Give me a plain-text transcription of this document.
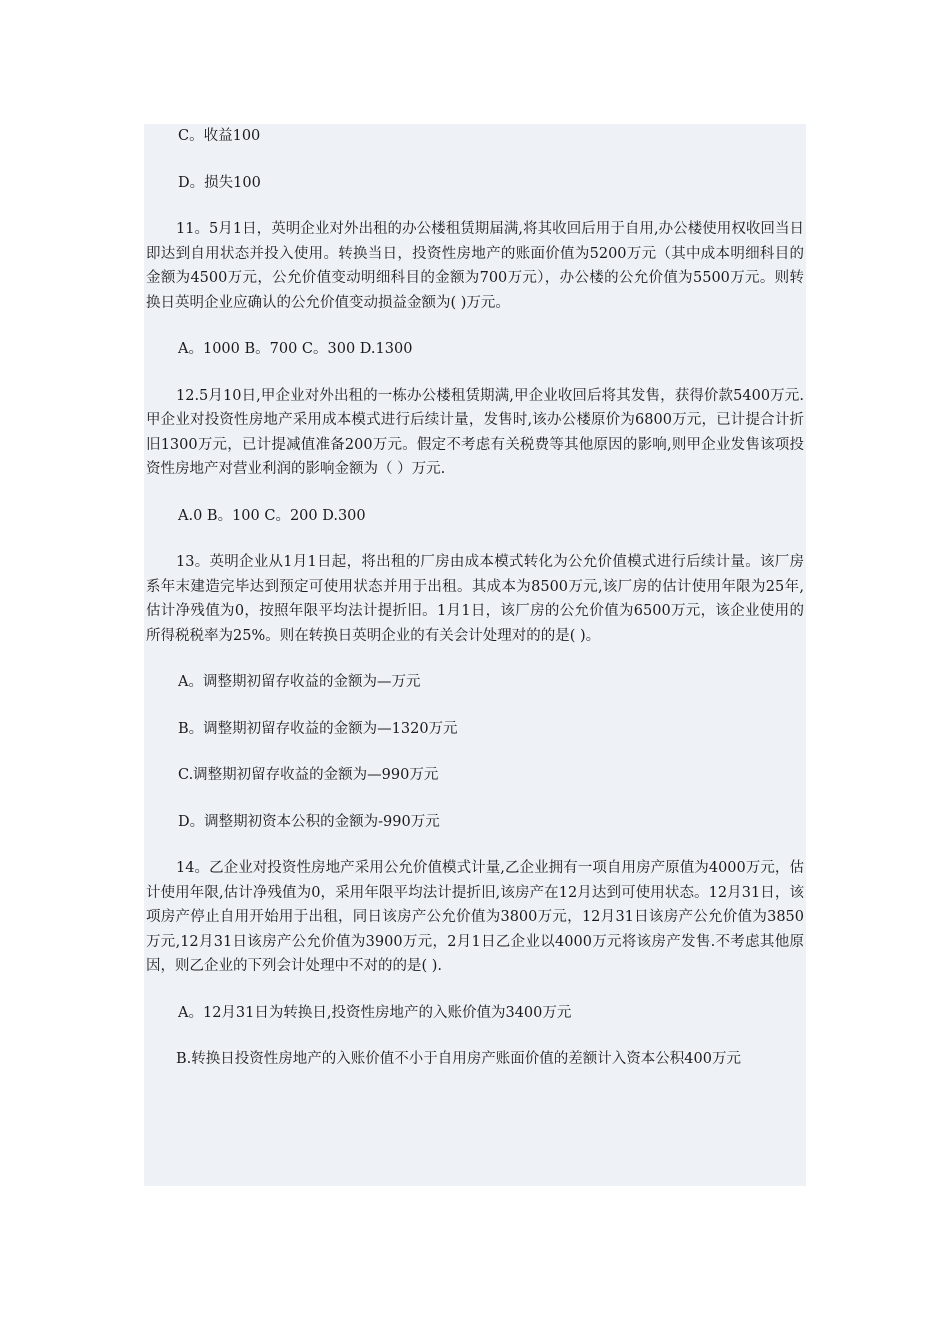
C。收益100

D。损失100

11。5月1日，英明企业对外出租的办公楼租赁期届满,将其收回后用于自用,办公楼使用权收回当日即达到自用状态并投入使用。转换当日，投资性房地产的账面价值为5200万元（其中成本明细科目的金额为4500万元，公允价值变动明细科目的金额为700万元），办公楼的公允价值为5500万元。则转换日英明企业应确认的公允价值变动损益金额为( )万元。

A。1000 B。700 C。300 D.1300

12.5月10日,甲企业对外出租的一栋办公楼租赁期满,甲企业收回后将其发售，获得价款5400万元.甲企业对投资性房地产采用成本模式进行后续计量，发售时,该办公楼原价为6800万元，已计提合计折旧1300万元，已计提减值准备200万元。假定不考虑有关税费等其他原因的影响,则甲企业发售该项投资性房地产对营业利润的影响金额为（ ）万元.

A.0 B。100 C。200 D.300

13。英明企业从1月1日起，将出租的厂房由成本模式转化为公允价值模式进行后续计量。该厂房系年末建造完毕达到预定可使用状态并用于出租。其成本为8500万元,该厂房的估计使用年限为25年,估计净残值为0，按照年限平均法计提折旧。1月1日，该厂房的公允价值为6500万元，该企业使用的所得税税率为25%。则在转换日英明企业的有关会计处理对的的是( )。

A。调整期初留存收益的金额为—万元

B。调整期初留存收益的金额为—1320万元

C.调整期初留存收益的金额为—990万元

D。调整期初资本公积的金额为-990万元

14。乙企业对投资性房地产采用公允价值模式计量,乙企业拥有一项自用房产原值为4000万元，估计使用年限,估计净残值为0，采用年限平均法计提折旧,该房产在12月达到可使用状态。12月31日，该项房产停止自用开始用于出租，同日该房产公允价值为3800万元，12月31日该房产公允价值为3850万元,12月31日该房产公允价值为3900万元，2月1日乙企业以4000万元将该房产发售.不考虑其他原因，则乙企业的下列会计处理中不对的的是( ).

A。12月31日为转换日,投资性房地产的入账价值为3400万元

B.转换日投资性房地产的入账价值不小于自用房产账面价值的差额计入资本公积400万元
